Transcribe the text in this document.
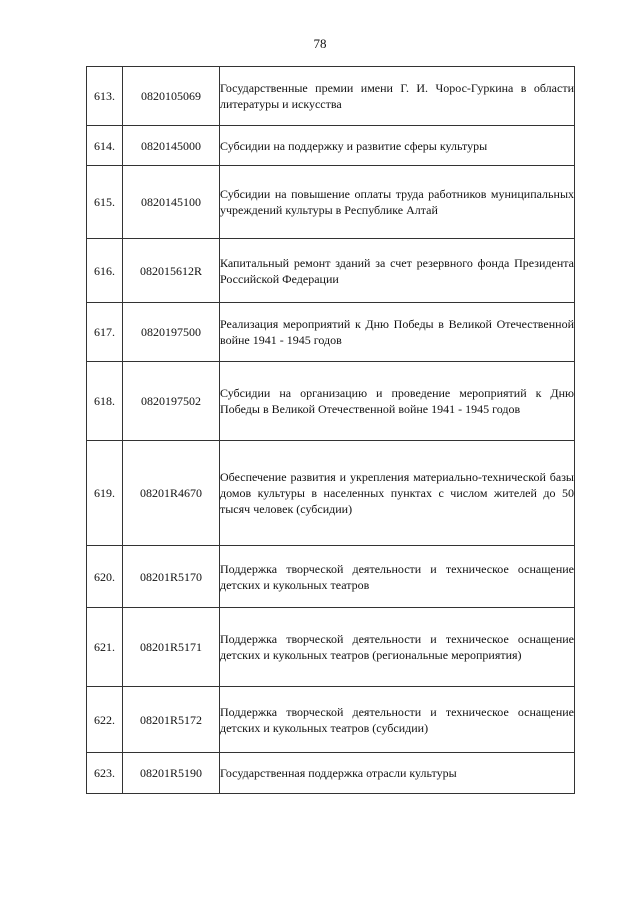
78
613.	0820105069	Государственные премии имени Г. И. Чорос-Гуркина в области литературы и искусства
614.	0820145000	Субсидии на поддержку и развитие сферы культуры
615.	0820145100	Субсидии на повышение оплаты труда работников муниципальных учреждений культуры в Республике Алтай
616.	082015612R	Капитальный ремонт зданий за счет резервного фонда Президента Российской Федерации
617.	0820197500	Реализация мероприятий к Дню Победы в Великой Отечественной войне 1941 - 1945 годов
618.	0820197502	Субсидии на организацию и проведение мероприятий к Дню Победы в Великой Отечественной войне 1941 - 1945 годов
619.	08201R4670	Обеспечение развития и укрепления материально-технической базы домов культуры в населенных пунктах с числом жителей до 50 тысяч человек (субсидии)
620.	08201R5170	Поддержка творческой деятельности и техническое оснащение детских и кукольных театров
621.	08201R5171	Поддержка творческой деятельности и техническое оснащение детских и кукольных театров (региональные мероприятия)
622.	08201R5172	Поддержка творческой деятельности и техническое оснащение детских и кукольных театров (субсидии)
623.	08201R5190	Государственная поддержка отрасли культуры
